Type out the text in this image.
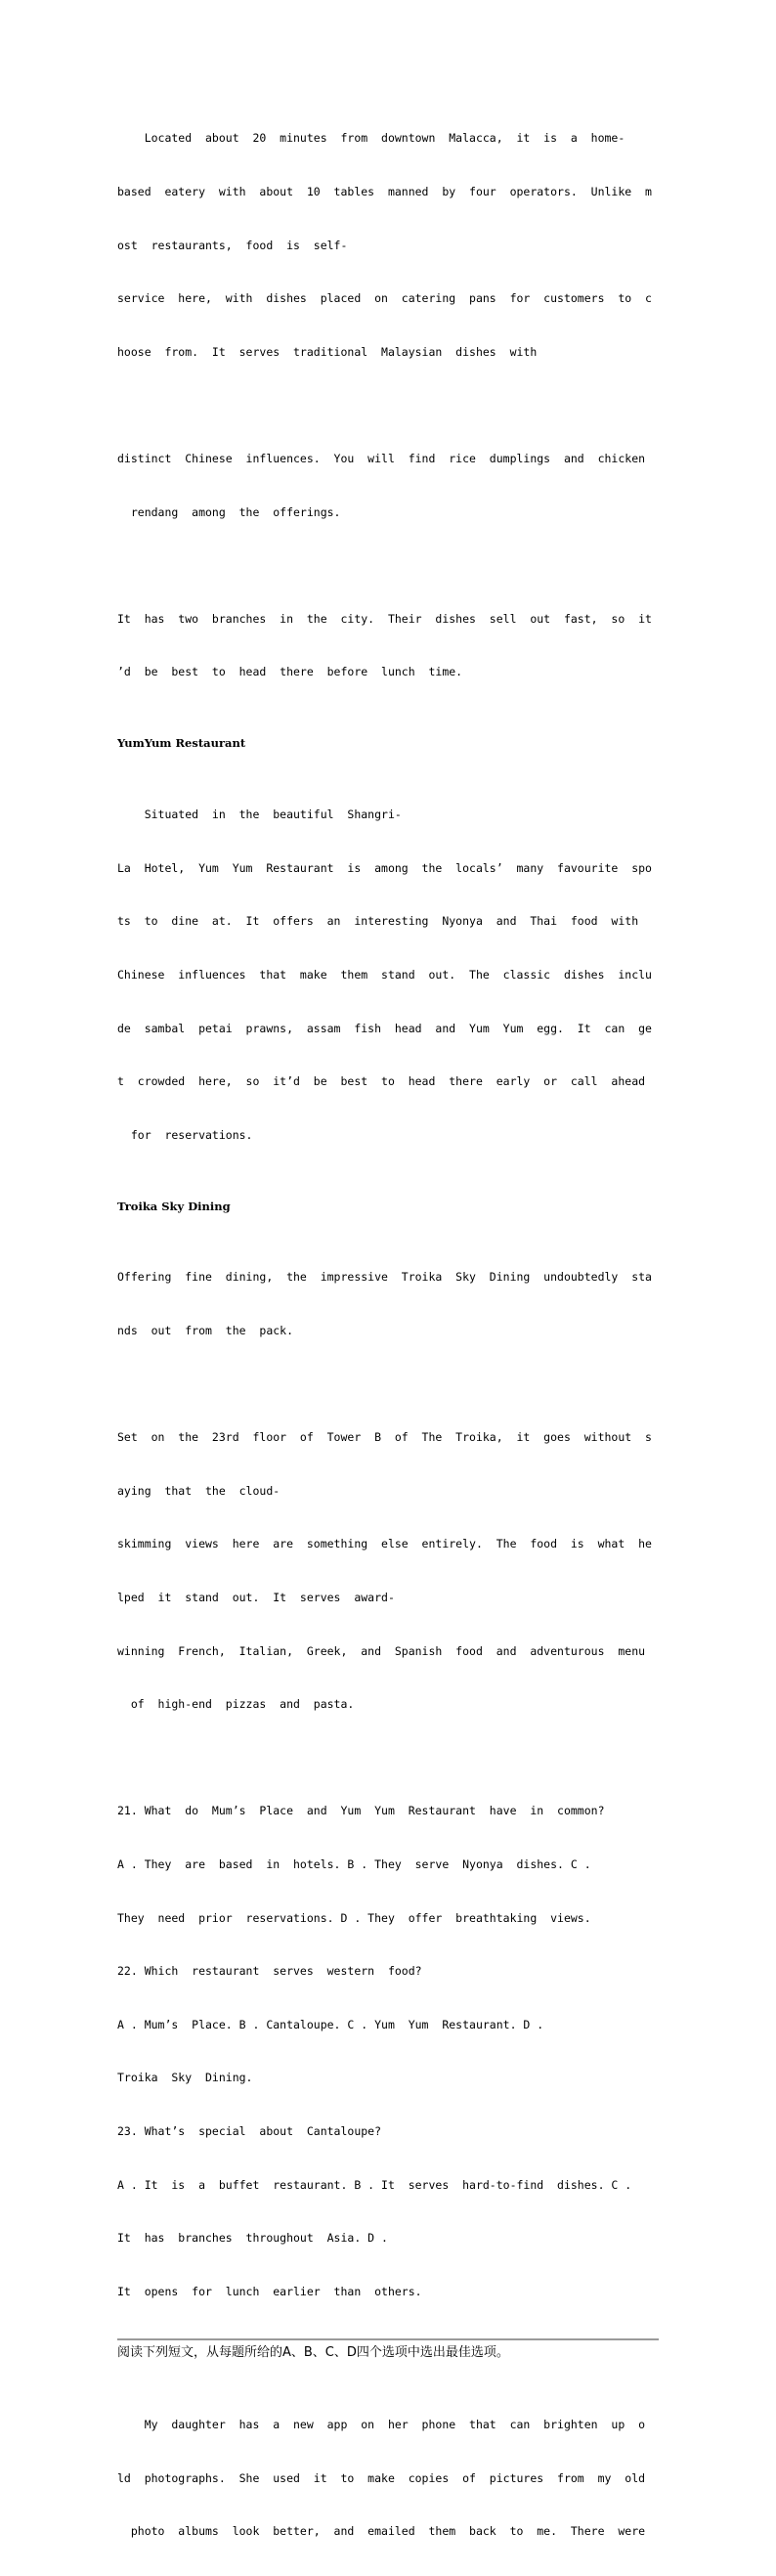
Located  about  20  minutes  from  downtown  Malacca,  it  is  a  home-

based  eatery  with  about  10  tables  manned  by  four  operators.  Unlike  m

ost  restaurants,  food  is  self-

service  here,  with  dishes  placed  on  catering  pans  for  customers  to  c

hoose  from.  It  serves  traditional  Malaysian  dishes  with

distinct  Chinese  influences.  You  will  find  rice  dumplings  and  chicken

rendang  among  the  offerings.

It  has  two  branches  in  the  city.  Their  dishes  sell  out  fast,  so  it

’d  be  best  to  head  there  before  lunch  time.

YumYum Restaurant

Situated  in  the  beautiful  Shangri-

La  Hotel,  Yum  Yum  Restaurant  is  among  the  locals’  many  favourite  spo

ts  to  dine  at.  It  offers  an  interesting  Nyonya  and  Thai  food  with

Chinese  influences  that  make  them  stand  out.  The  classic  dishes  inclu

de  sambal  petai  prawns,  assam  fish  head  and  Yum  Yum  egg.  It  can  ge

t  crowded  here,  so  it’d  be  best  to  head  there  early  or  call  ahead

for  reservations.

Troika Sky Dining

Offering  fine  dining,  the  impressive  Troika  Sky  Dining  undoubtedly  sta

nds  out  from  the  pack.

Set  on  the  23rd  floor  of  Tower  B  of  The  Troika,  it  goes  without  s

aying  that  the  cloud-

skimming  views  here  are  something  else  entirely.  The  food  is  what  he

lped  it  stand  out.  It  serves  award-

winning  French,  Italian,  Greek,  and  Spanish  food  and  adventurous  menu

of  high-end  pizzas  and  pasta.

21. What  do  Mum’s  Place  and  Yum  Yum  Restaurant  have  in  common?

A . They  are  based  in  hotels. B . They  serve  Nyonya  dishes. C .

They  need  prior  reservations. D . They  offer  breathtaking  views.

22. Which  restaurant  serves  western  food?

A . Mum’s  Place. B . Cantaloupe. C . Yum  Yum  Restaurant. D .

Troika  Sky  Dining.

23. What’s  special  about  Cantaloupe?

A . It  is  a  buffet  restaurant. B . It  serves  hard-to-find  dishes. C .

It  has  branches  throughout  Asia. D .

It  opens  for  lunch  earlier  than  others.

阅读下列短文，从每题所给的A、B、C、D四个选项中选出最佳选项。

My  daughter  has  a  new  app  on  her  phone  that  can  brighten  up  o

ld  photographs.  She  used  it  to  make  copies  of  pictures  from  my  old

photo  albums  look  better,  and  emailed  them  back  to  me.  There  were
